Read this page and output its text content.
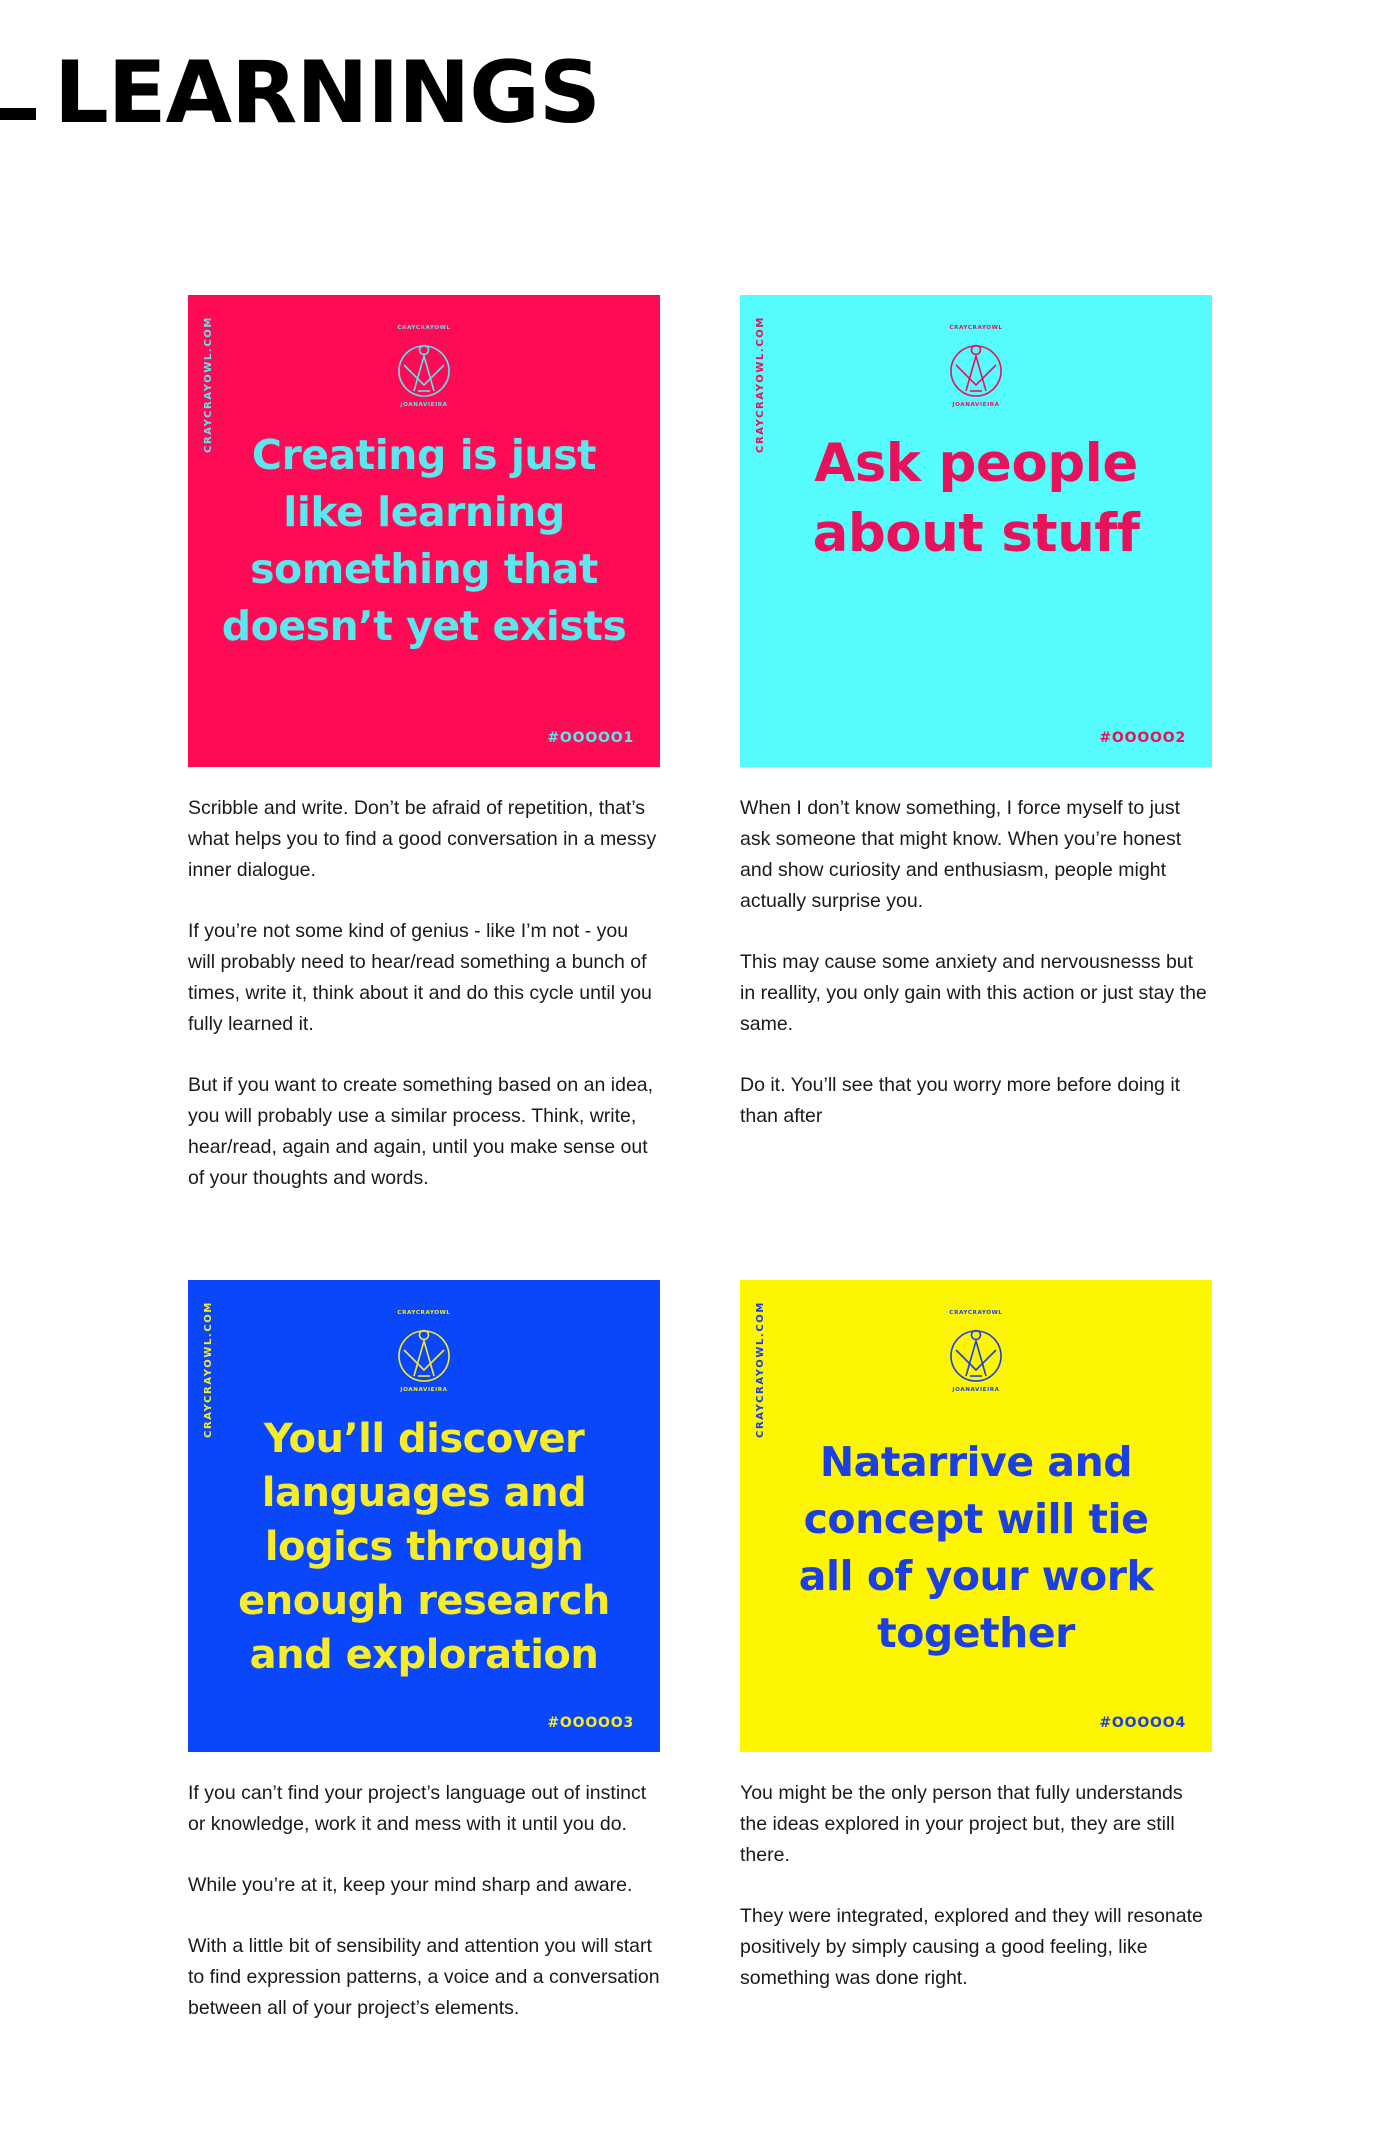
LEARNINGS
CRAYCRAYOWL.COM	CRAYCRAYOWL
JOANAVIEIRA
Creating is just like learning something that doesn’t yet exists
#OOOOO1

Scribble and write. Don’t be afraid of repetition, that’s what helps you to find a good conversation in a messy inner dialogue.

If you’re not some kind of genius - like I’m not - you will probably need to hear/read something a bunch of times, write it, think about it and do this cycle until you fully learned it.

But if you want to create something based on an idea, you will probably use a similar process. Think, write, hear/read, again and again, until you make sense out of your thoughts and words.

CRAYCRAYOWL.COM	CRAYCRAYOWL
JOANAVIEIRA
Ask people about stuff
#OOOOO2

When I don’t know something, I force myself to just ask someone that might know. When you’re honest and show curiosity and enthusiasm, people might actually surprise you.

This may cause some anxiety and nervousnesss but in reallity, you only gain with this action or just stay the same.

Do it. You’ll see that you worry more before doing it than after

CRAYCRAYOWL.COM	CRAYCRAYOWL
JOANAVIEIRA
You’ll discover languages and logics through enough research and exploration
#OOOOO3

If you can’t find your project’s language out of instinct or knowledge, work it and mess with it until you do.

While you’re at it, keep your mind sharp and aware.

With a little bit of sensibility and attention you will start to find expression patterns, a voice and a conversation between all of your project’s elements.

CRAYCRAYOWL.COM	CRAYCRAYOWL
JOANAVIEIRA
Natarrive and concept will tie all of your work together
#OOOOO4

You might be the only person that fully understands the ideas explored in your project but, they are still there.

They were integrated, explored and they will resonate positively by simply causing a good feeling, like something was done right.
